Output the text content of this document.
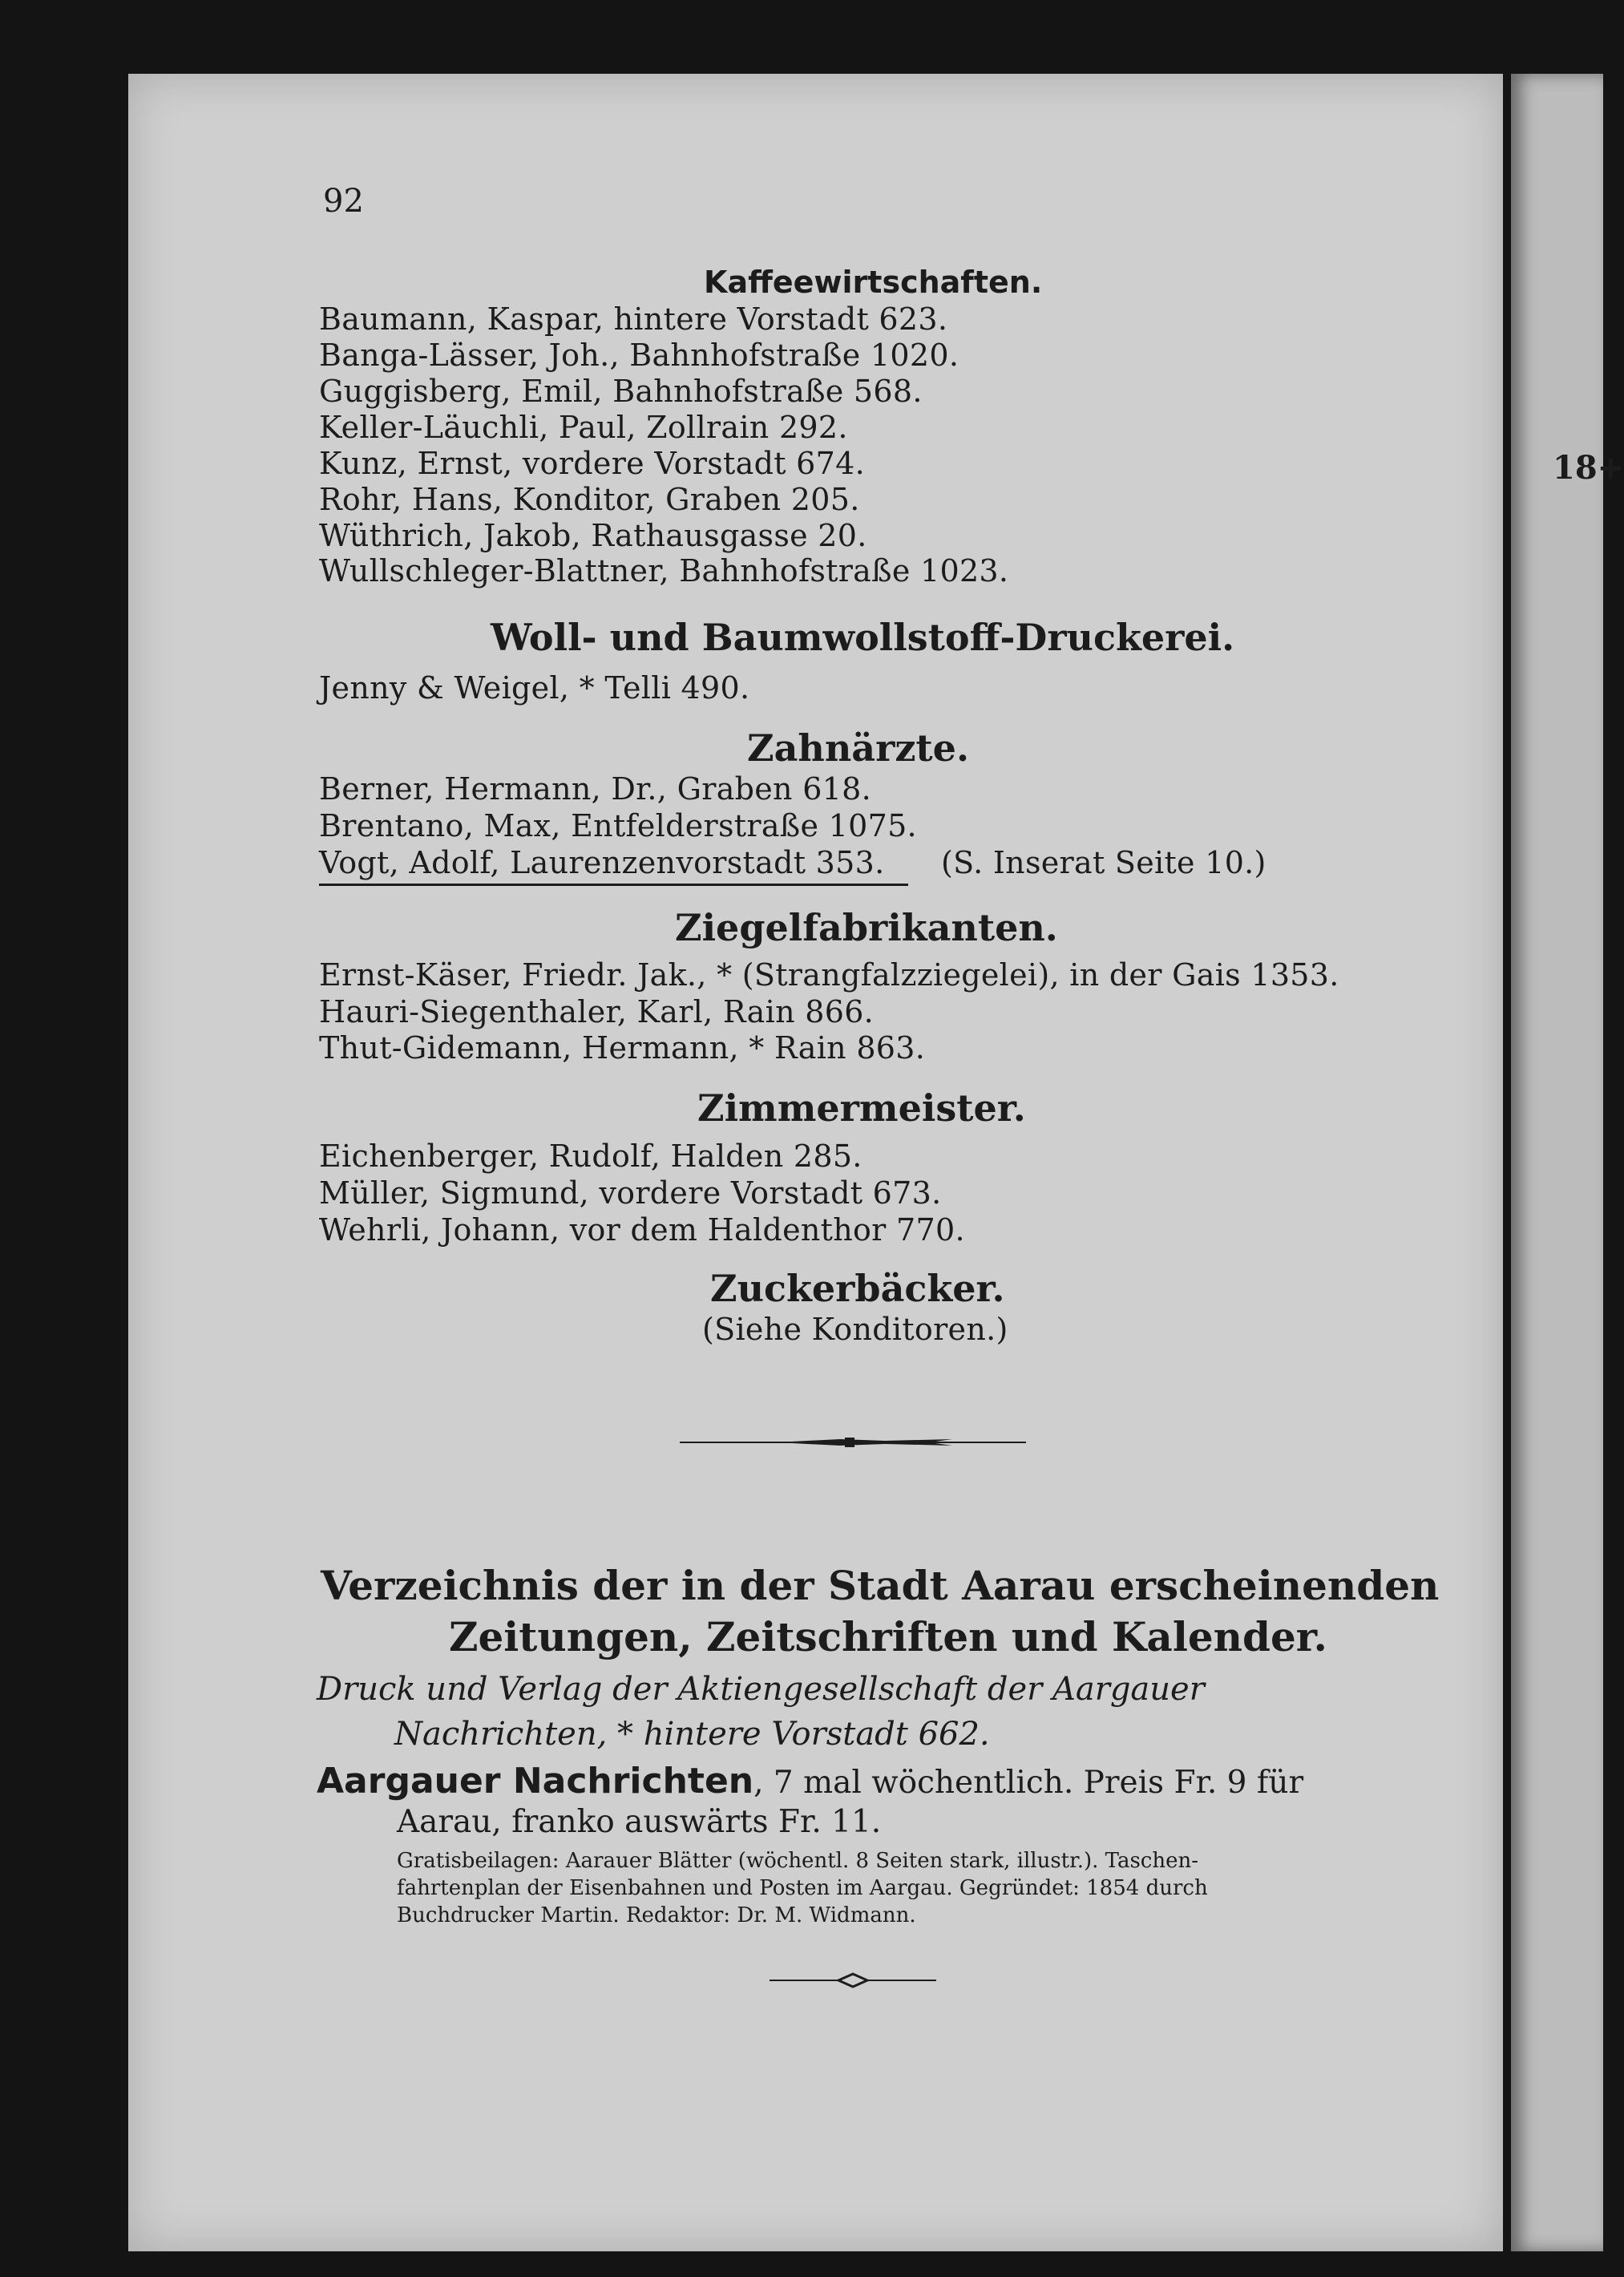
92
18+
Kaffeewirtschaften.
Baumann, Kaspar, hintere Vorstadt 623.
Banga-Lässer, Joh., Bahnhofstraße 1020.
Guggisberg, Emil, Bahnhofstraße 568.
Keller-Läuchli, Paul, Zollrain 292.
Kunz, Ernst, vordere Vorstadt 674.
Rohr, Hans, Konditor, Graben 205.
Wüthrich, Jakob, Rathausgasse 20.
Wullschleger-Blattner, Bahnhofstraße 1023.
Woll- und Baumwollstoff-Druckerei.
Jenny & Weigel, * Telli 490.
Zahnärzte.
Berner, Hermann, Dr., Graben 618.
Brentano, Max, Entfelderstraße 1075.
Vogt, Adolf, Laurenzenvorstadt 353. (S. Inserat Seite 10.)
Ziegelfabrikanten.
Ernst-Käser, Friedr. Jak., * (Strangfalzziegelei), in der Gais 1353.
Hauri-Siegenthaler, Karl, Rain 866.
Thut-Gidemann, Hermann, * Rain 863.
Zimmermeister.
Eichenberger, Rudolf, Halden 285.
Müller, Sigmund, vordere Vorstadt 673.
Wehrli, Johann, vor dem Haldenthor 770.
Zuckerbäcker.
(Siehe Konditoren.)
Verzeichnis der in der Stadt Aarau erscheinenden
Zeitungen, Zeitschriften und Kalender.
Druck und Verlag der Aktiengesellschaft der Aargauer
Nachrichten, * hintere Vorstadt 662.
Aargauer Nachrichten, 7 mal wöchentlich. Preis Fr. 9 für
Aarau, franko auswärts Fr. 11.
Gratisbeilagen: Aarauer Blätter (wöchentl. 8 Seiten stark, illustr.). Taschen-
fahrtenplan der Eisenbahnen und Posten im Aargau. Gegründet: 1854 durch
Buchdrucker Martin. Redaktor: Dr. M. Widmann.
